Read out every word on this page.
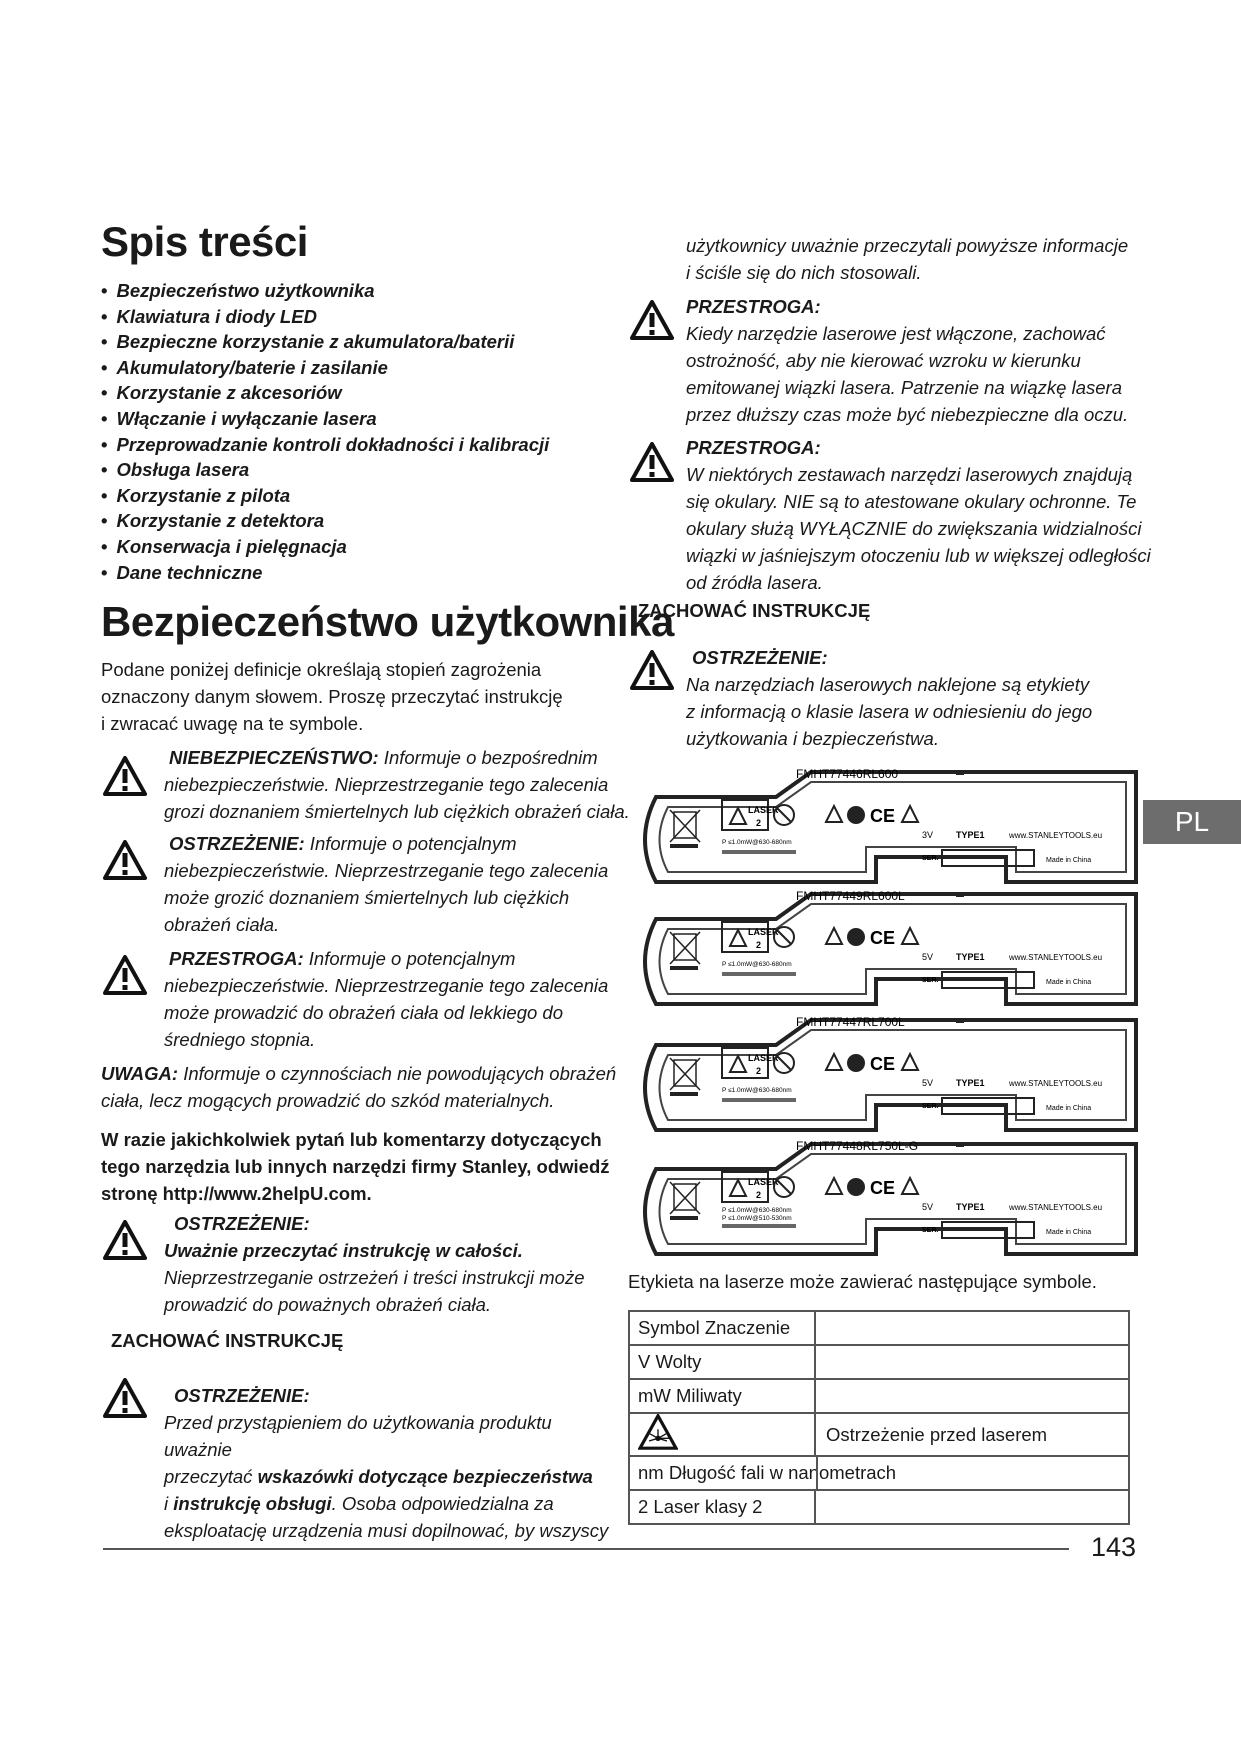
Spis treści
• Bezpieczeństwo użytkownika
• Klawiatura i diody LED
• Bezpieczne korzystanie z akumulatora/baterii
• Akumulatory/baterie i zasilanie
• Korzystanie z akcesoriów
• Włączanie i wyłączanie lasera
• Przeprowadzanie kontroli dokładności i kalibracji
• Obsługa lasera
• Korzystanie z pilota
• Korzystanie z detektora
• Konserwacja i pielęgnacja
• Dane techniczne
Bezpieczeństwo użytkownika

Podane poniżej definicje określają stopień zagrożenia

oznaczony danym słowem. Proszę przeczytać instrukcję

i zwracać uwagę na te symbole.

NIEBEZPIECZEŃSTWO: Informuje o bezpośrednim

niebezpieczeństwie. Nieprzestrzeganie tego zalecenia

grozi doznaniem śmiertelnych lub ciężkich obrażeń ciała.

OSTRZEŻENIE: Informuje o potencjalnym

niebezpieczeństwie. Nieprzestrzeganie tego zalecenia

może grozić doznaniem śmiertelnych lub ciężkich

obrażeń ciała.

PRZESTROGA: Informuje o potencjalnym

niebezpieczeństwie. Nieprzestrzeganie tego zalecenia

może prowadzić do obrażeń ciała od lekkiego do

średniego stopnia.

UWAGA: Informuje o czynnościach nie powodujących obrażeń

ciała, lecz mogących prowadzić do szkód materialnych.

W razie jakichkolwiek pytań lub komentarzy dotyczących

tego narzędzia lub innych narzędzi firmy Stanley, odwiedź

stronę http://www.2helpU.com.

OSTRZEŻENIE:

Uważnie przeczytać instrukcję w całości.

Nieprzestrzeganie ostrzeżeń i treści instrukcji może

prowadzić do poważnych obrażeń ciała.

ZACHOWAĆ INSTRUKCJĘ

OSTRZEŻENIE:

Przed przystąpieniem do użytkowania produktu uważnie

przeczytać wskazówki dotyczące bezpieczeństwa

i instrukcję obsługi. Osoba odpowiedzialna za

eksploatację urządzenia musi dopilnować, by wszyscy

użytkownicy uważnie przeczytali powyższe informacje

i ściśle się do nich stosowali.

PRZESTROGA:

Kiedy narzędzie laserowe jest włączone, zachować

ostrożność, aby nie kierować wzroku w kierunku

emitowanej wiązki lasera. Patrzenie na wiązkę lasera

przez dłuższy czas może być niebezpieczne dla oczu.

PRZESTROGA:

W niektórych zestawach narzędzi laserowych znajdują

się okulary. NIE są to atestowane okulary ochronne. Te

okulary służą WYŁĄCZNIE do zwiększania widzialności

wiązki w jaśniejszym otoczeniu lub w większej odległości

od źródła lasera.

ZACHOWAĆ INSTRUKCJĘ

OSTRZEŻENIE:

Na narzędziach laserowych naklejone są etykiety

z informacją o klasie lasera w odniesieniu do jego

użytkowania i bezpieczeństwa.

FMHT77446RL600
LASER
2	CE
P ≤1.0mW@630-680nm
3V	TYPE1	www.STANLEYTOOLS.eu
SER.	Made in China
FMHT77449RL600L
LASER
2	CE
P ≤1.0mW@630-680nm
5V	TYPE1	www.STANLEYTOOLS.eu
SER.	Made in China
FMHT77447RL700L
LASER
2	CE
P ≤1.0mW@630-680nm
5V	TYPE1	www.STANLEYTOOLS.eu
SER.	Made in China
FMHT77448RL750L-G
LASER
2	CE
P ≤1.0mW@630-680nm
P ≤1.0mW@510-530nm
5V	TYPE1	www.STANLEYTOOLS.eu
SER.	Made in China

Etykieta na laserze może zawierać następujące symbole.

Symbol Znaczenie	
V Wolty	
mW Miliwaty	
	Ostrzeżenie przed laserem
nm Długość fali w nanometrach	

2 Laser klasy 2	
PL
143
